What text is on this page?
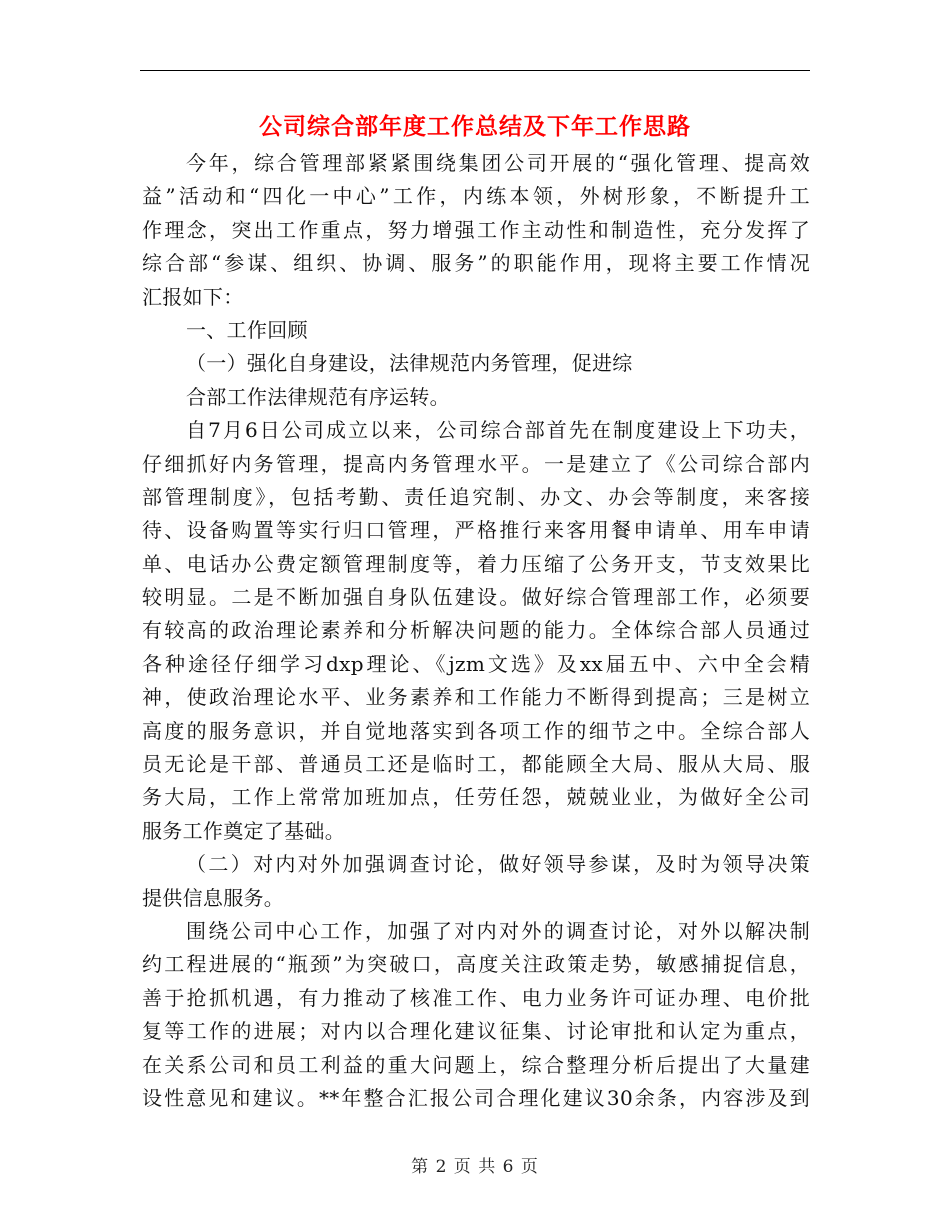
公司综合部年度工作总结及下年工作思路
今年，综合管理部紧紧围绕集团公司开展的“强化管理、提高效
益”活动和“四化一中心”工作，内练本领，外树形象，不断提升工
作理念，突出工作重点，努力增强工作主动性和制造性，充分发挥了
综合部“参谋、组织、协调、服务”的职能作用，现将主要工作情况
汇报如下：
一、工作回顾
（一）强化自身建设，法律规范内务管理，促进综
合部工作法律规范有序运转。
自7月6日公司成立以来，公司综合部首先在制度建设上下功夫，
仔细抓好内务管理，提高内务管理水平。一是建立了《公司综合部内
部管理制度》，包括考勤、责任追究制、办文、办会等制度，来客接
待、设备购置等实行归口管理，严格推行来客用餐申请单、用车申请
单、电话办公费定额管理制度等，着力压缩了公务开支，节支效果比
较明显。二是不断加强自身队伍建设。做好综合管理部工作，必须要
有较高的政治理论素养和分析解决问题的能力。全体综合部人员通过
各种途径仔细学习dxp理论、《jzm文选》及xx届五中、六中全会精
神，使政治理论水平、业务素养和工作能力不断得到提高；三是树立
高度的服务意识，并自觉地落实到各项工作的细节之中。全综合部人
员无论是干部、普通员工还是临时工，都能顾全大局、服从大局、服
务大局，工作上常常加班加点，任劳任怨，兢兢业业，为做好全公司
服务工作奠定了基础。
（二）对内对外加强调查讨论，做好领导参谋，及时为领导决策
提供信息服务。
围绕公司中心工作，加强了对内对外的调查讨论，对外以解决制
约工程进展的“瓶颈”为突破口，高度关注政策走势，敏感捕捉信息，
善于抢抓机遇，有力推动了核准工作、电力业务许可证办理、电价批
复等工作的进展；对内以合理化建议征集、讨论审批和认定为重点，
在关系公司和员工利益的重大问题上，综合整理分析后提出了大量建
设性意见和建议。**年整合汇报公司合理化建议30余条，内容涉及到
第 2 页 共 6 页
